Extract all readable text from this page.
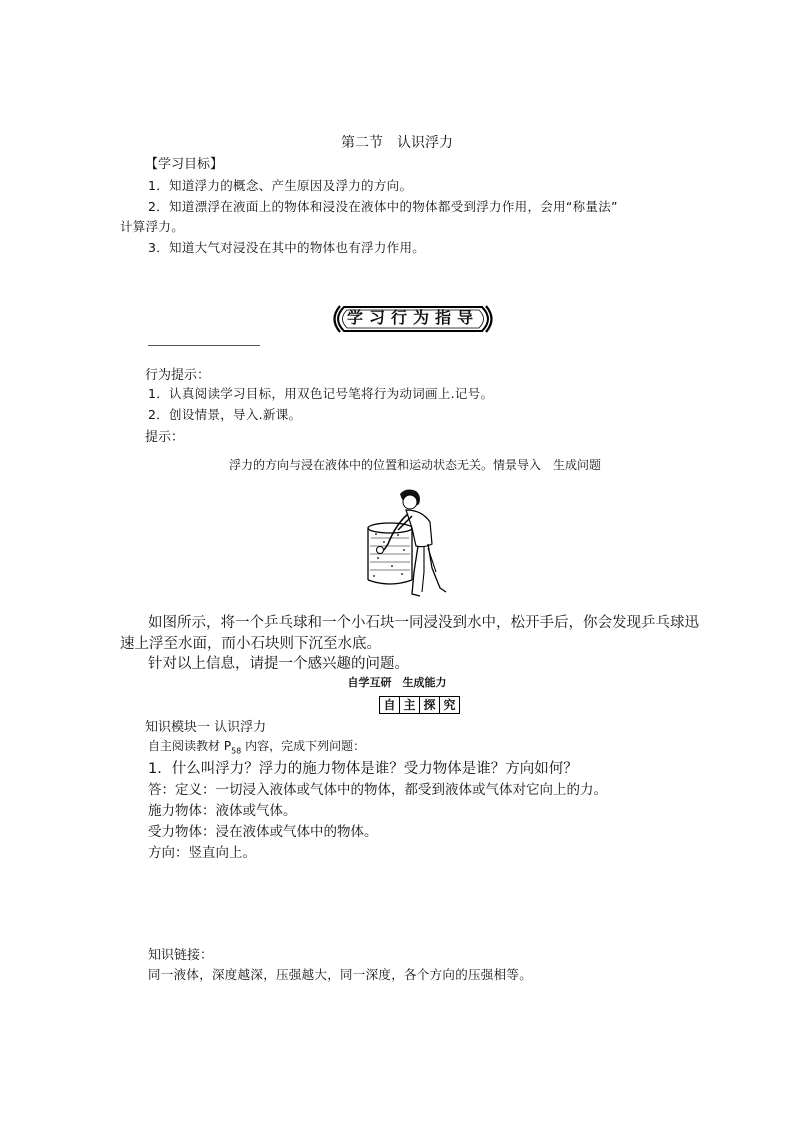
第二节　认识浮力
【学习目标】
1．知道浮力的概念、产生原因及浮力的方向。
2．知道漂浮在液面上的物体和浸没在液体中的物体都受到浮力作用，会用“称量法”
计算浮力。
3．知道大气对浸没在其中的物体也有浮力作用。
学习行为指导
行为提示：
1．认真阅读学习目标，用双色记号笔将行为动词画上.记号。
2．创设情景，导入.新课。
提示：
浮力的方向与浸在液体中的位置和运动状态无关。情景导入　生成问题
如图所示，将一个乒乓球和一个小石块一同浸没到水中，松开手后，你会发现乒乓球迅
速上浮至水面，而小石块则下沉至水底。
针对以上信息，请提一个感兴趣的问题。
自学互研　生成能力
自 主 探 究
知识模块一 认识浮力
自主阅读教材 $P_{58}$ 内容，完成下列问题：
1．什么叫浮力？浮力的施力物体是谁？受力物体是谁？方向如何？
答：定义：一切浸入液体或气体中的物体，都受到液体或气体对它向上的力。
施力物体：液体或气体。
受力物体：浸在液体或气体中的物体。
方向：竖直向上。
知识链接：
同一液体，深度越深，压强越大，同一深度，各个方向的压强相等。
